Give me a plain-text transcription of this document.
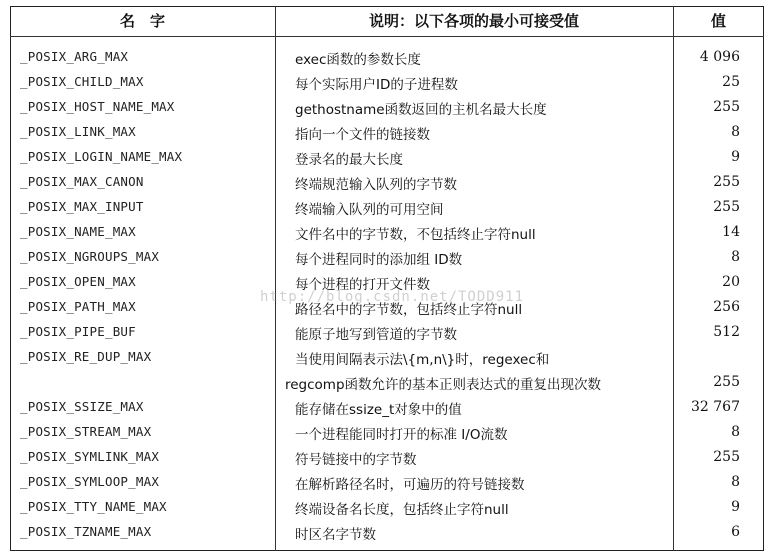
名　字	说明：以下各项的最小可接受值	值
_POSIX_ARG_MAX	exec函数的参数长度	4 096
_POSIX_CHILD_MAX	每个实际用户ID的子进程数	25
_POSIX_HOST_NAME_MAX	gethostname函数返回的主机名最大长度	255
_POSIX_LINK_MAX	指向一个文件的链接数	8
_POSIX_LOGIN_NAME_MAX	登录名的最大长度	9
_POSIX_MAX_CANON	终端规范输入队列的字节数	255
_POSIX_MAX_INPUT	终端输入队列的可用空间	255
_POSIX_NAME_MAX	文件名中的字节数，不包括终止字符null	14
_POSIX_NGROUPS_MAX	每个进程同时的添加组 ID数	8
_POSIX_OPEN_MAX	每个进程的打开文件数	20
_POSIX_PATH_MAX	路径名中的字节数，包括终止字符null	256
_POSIX_PIPE_BUF	能原子地写到管道的字节数	512
_POSIX_RE_DUP_MAX	当使用间隔表示法\{m,n\}时，regexec和
regcomp函数允许的基本正则表达式的重复出现次数	255
_POSIX_SSIZE_MAX	能存储在ssize_t对象中的值	32 767
_POSIX_STREAM_MAX	一个进程能同时打开的标准 I/O流数	8
_POSIX_SYMLINK_MAX	符号链接中的字节数	255
_POSIX_SYMLOOP_MAX	在解析路径名时，可遍历的符号链接数	8
_POSIX_TTY_NAME_MAX	终端设备名长度，包括终止字符null	9
_POSIX_TZNAME_MAX	时区名字节数	6
http://blog.csdn.net/TODD911
